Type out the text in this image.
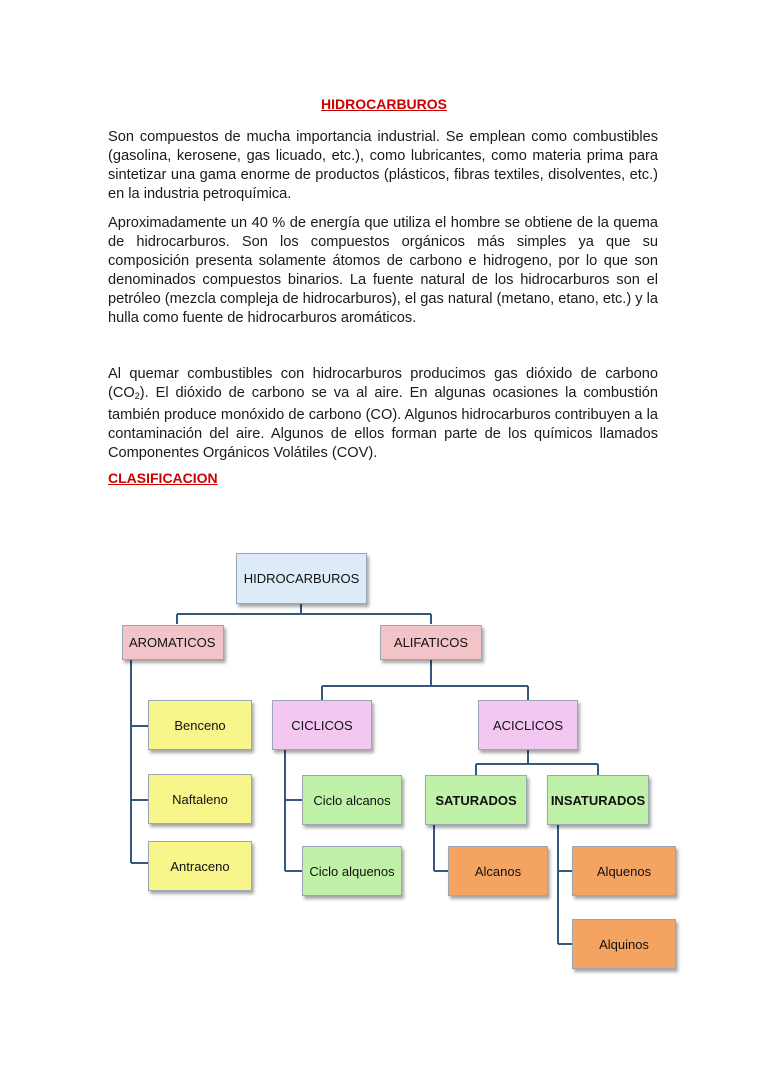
HIDROCARBUROS

Son compuestos de mucha importancia industrial. Se emplean como combustibles (gasolina, kerosene, gas licuado, etc.), como lubricantes, como materia prima para sintetizar una gama enorme de productos (plásticos, fibras textiles, disolventes, etc.) en la industria petroquímica.

Aproximadamente un 40 % de energía que utiliza el hombre se obtiene de la quema de hidrocarburos. Son los compuestos orgánicos más simples ya que su composición presenta solamente átomos de carbono e hidrogeno, por lo que son denominados compuestos binarios. La fuente natural de los hidrocarburos son el petróleo (mezcla compleja de hidrocarburos), el gas natural (metano, etano, etc.) y la hulla como fuente de hidrocarburos aromáticos.

Al quemar combustibles con hidrocarburos producimos gas dióxido de carbono $(CO_2)$. El dióxido de carbono se va al aire. En algunas ocasiones la combustión también produce monóxido de carbono (CO). Algunos hidrocarburos contribuyen a la contaminación del aire. Algunos de ellos forman parte de los químicos llamados Componentes Orgánicos Volátiles (COV).

CLASIFICACION
HIDROCARBUROS
AROMATICOS	ALIFATICOS
Benceno
Naftaleno
Antraceno
CICLICOS	ACICLICOS
Ciclo alcanos
Ciclo alquenos
SATURADOS	INSATURADOS
Alcanos	Alquenos
Alquinos
